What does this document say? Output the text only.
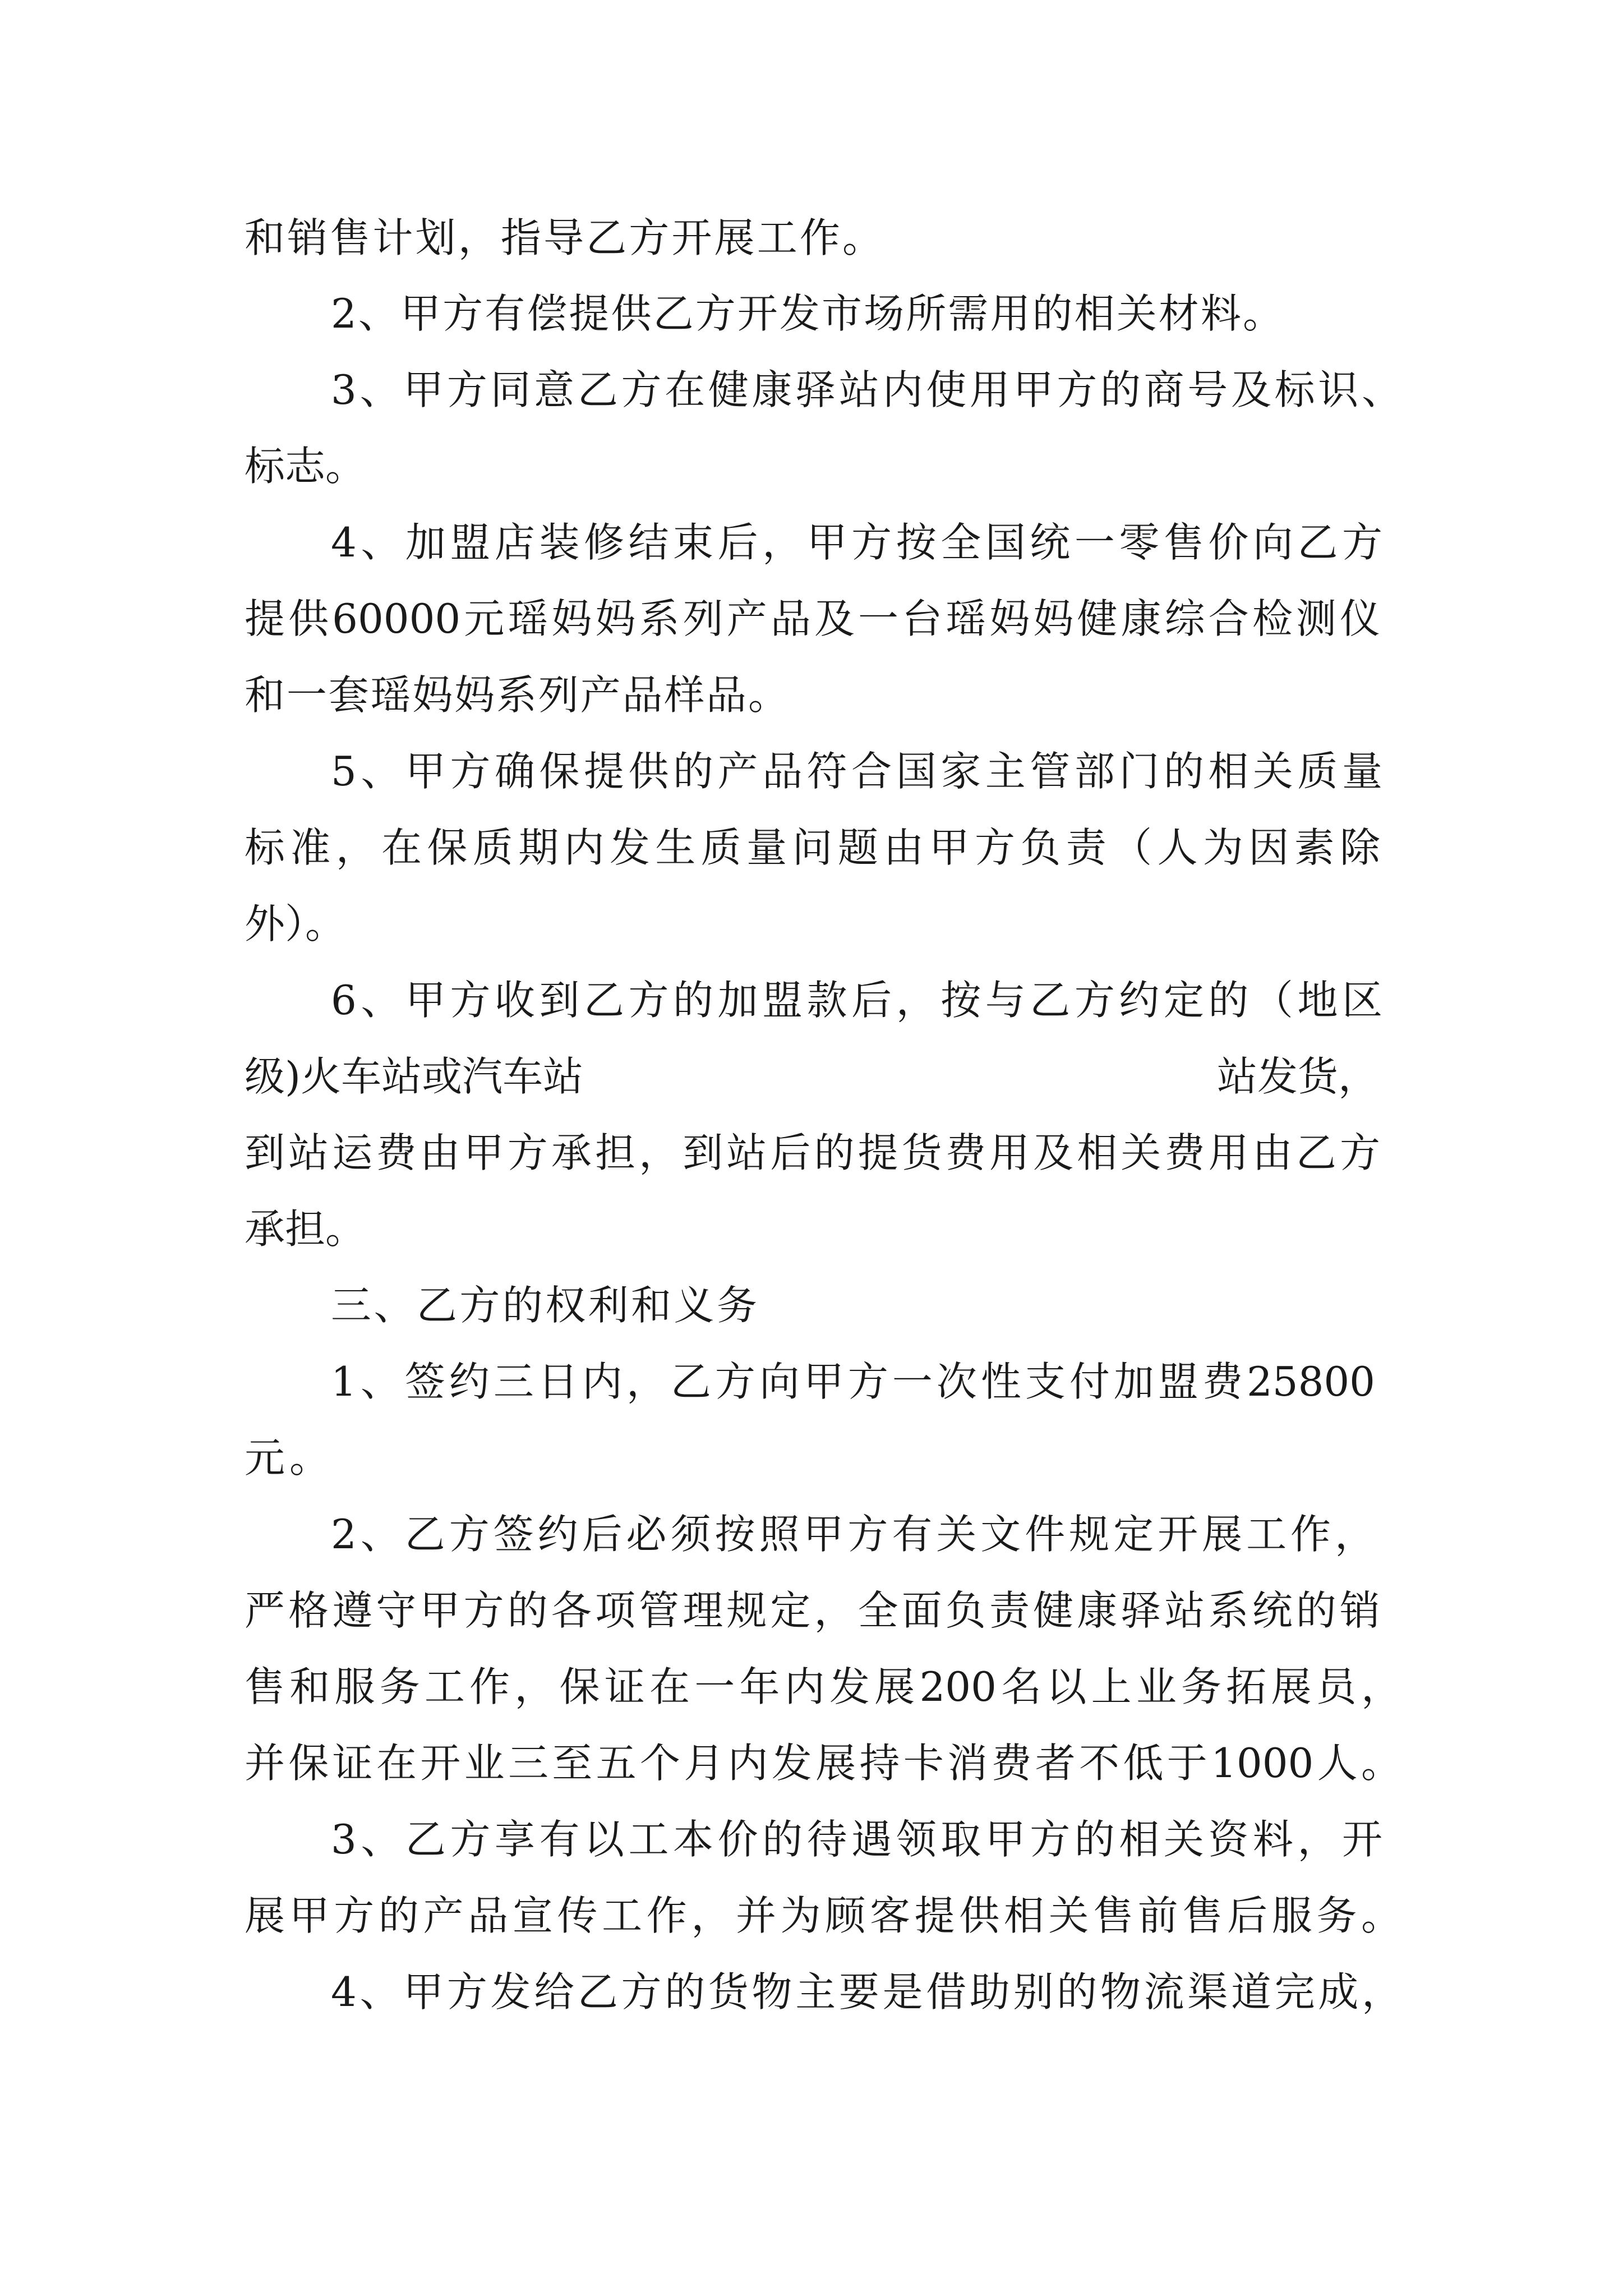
和销售计划，指导乙方开展工作。
2、甲方有偿提供乙方开发市场所需用的相关材料。
3、甲方同意乙方在健康驿站内使用甲方的商号及标识、
标志。
4、加盟店装修结束后，甲方按全国统一零售价向乙方
提供60000元瑶妈妈系列产品及一台瑶妈妈健康综合检测仪
和一套瑶妈妈系列产品样品。
5、甲方确保提供的产品符合国家主管部门的相关质量
标准，在保质期内发生质量问题由甲方负责（人为因素除
外）。
6、甲方收到乙方的加盟款后，按与乙方约定的（地区
级)火车站或汽车站	站发货，
到站运费由甲方承担，到站后的提货费用及相关费用由乙方
承担。
三、乙方的权利和义务
1、签约三日内，乙方向甲方一次性支付加盟费25800
元。
2、乙方签约后必须按照甲方有关文件规定开展工作，
严格遵守甲方的各项管理规定，全面负责健康驿站系统的销
售和服务工作，保证在一年内发展200名以上业务拓展员，
并保证在开业三至五个月内发展持卡消费者不低于1000人。
3、乙方享有以工本价的待遇领取甲方的相关资料，开
展甲方的产品宣传工作，并为顾客提供相关售前售后服务。
4、甲方发给乙方的货物主要是借助别的物流渠道完成，
